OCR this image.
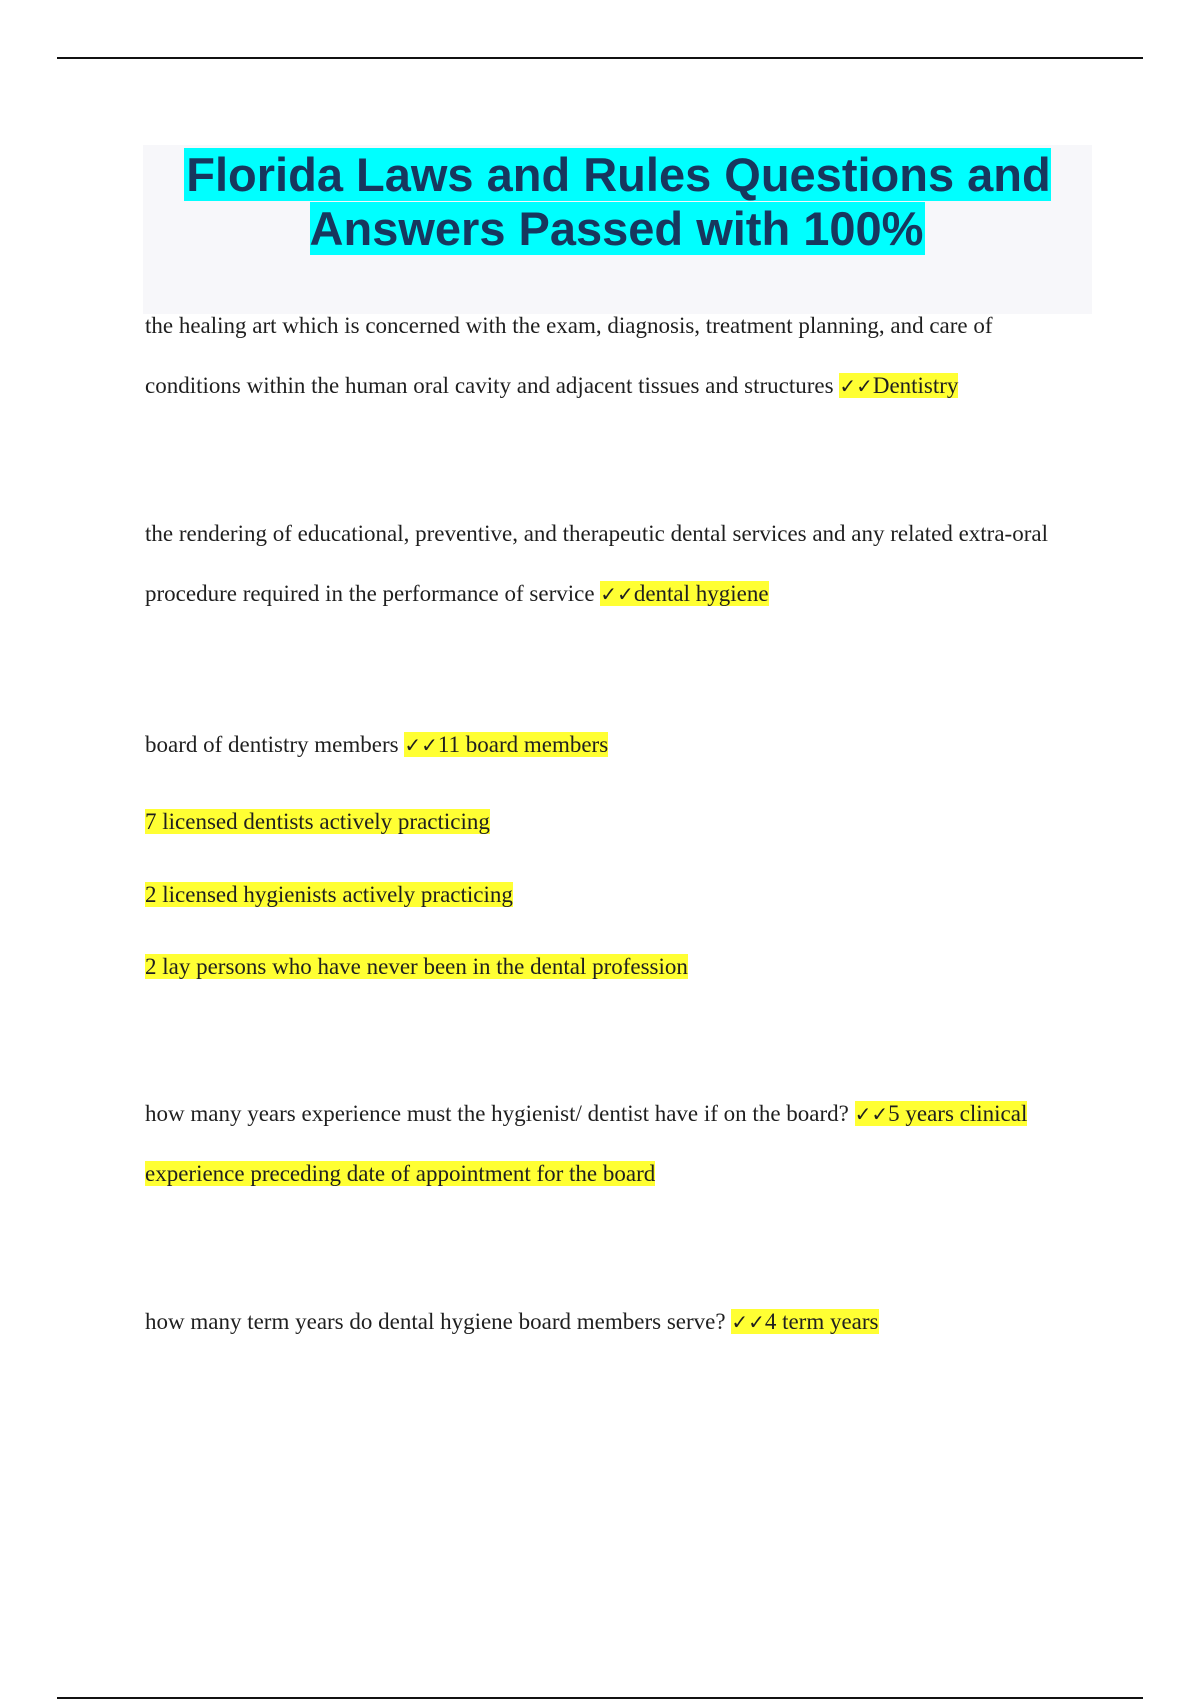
Florida Laws and Rules Questions and Answers Passed with 100%

the healing art which is concerned with the exam, diagnosis, treatment planning, and care of conditions within the human oral cavity and adjacent tissues and structures ✓✓Dentistry

the rendering of educational, preventive, and therapeutic dental services and any related extra-oral procedure required in the performance of service ✓✓dental hygiene

board of dentistry members ✓✓11 board members

7 licensed dentists actively practicing

2 licensed hygienists actively practicing

2 lay persons who have never been in the dental profession

how many years experience must the hygienist/ dentist have if on the board? ✓✓5 years clinical experience preceding date of appointment for the board

how many term years do dental hygiene board members serve? ✓✓4 term years
